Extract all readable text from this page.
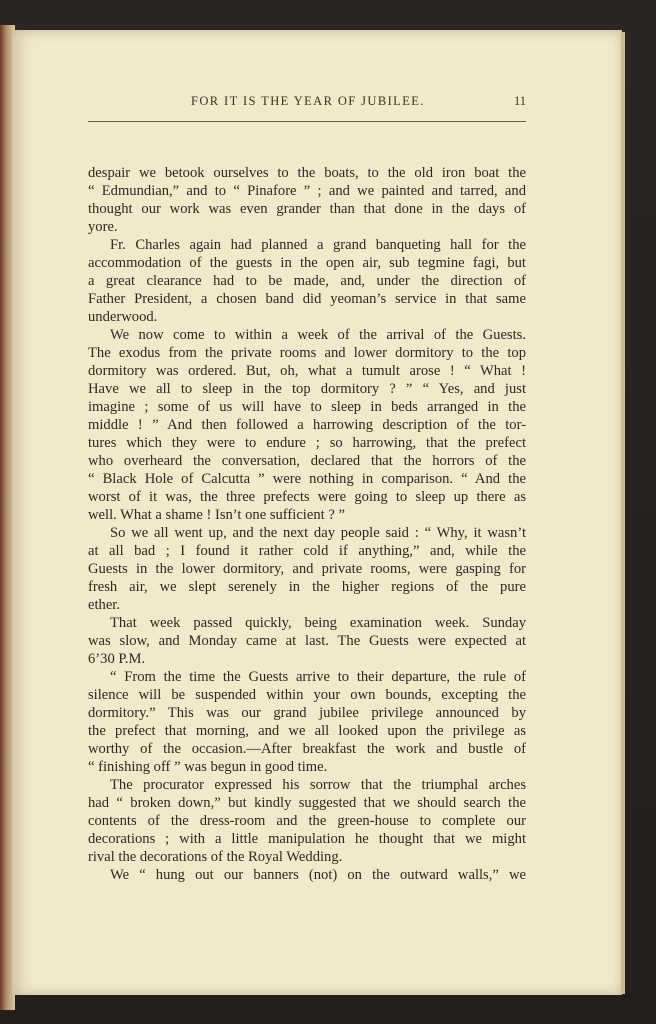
FOR IT IS THE YEAR OF JUBILEE.	11

despair we betook ourselves to the boats, to the old iron boat the

“ Edmundian,” and to “ Pinafore ” ; and we painted and tarred, and

thought our work was even grander than that done in the days of

yore.

Fr. Charles again had planned a grand banqueting hall for the

accommodation of the guests in the open air, sub tegmine fagi, but

a great clearance had to be made, and, under the direction of

Father President, a chosen band did yeoman’s service in that same

underwood.

We now come to within a week of the arrival of the Guests.

The exodus from the private rooms and lower dormitory to the top

dormitory was ordered. But, oh, what a tumult arose ! “ What !

Have we all to sleep in the top dormitory ? ” “ Yes, and just

imagine ; some of us will have to sleep in beds arranged in the

middle ! ” And then followed a harrowing description of the tor-

tures which they were to endure ; so harrowing, that the prefect

who overheard the conversation, declared that the horrors of the

“ Black Hole of Calcutta ” were nothing in comparison. “ And the

worst of it was, the three prefects were going to sleep up there as

well. What a shame ! Isn’t one sufficient ? ”

So we all went up, and the next day people said : “ Why, it wasn’t

at all bad ; I found it rather cold if anything,” and, while the

Guests in the lower dormitory, and private rooms, were gasping for

fresh air, we slept serenely in the higher regions of the pure

ether.

That week passed quickly, being examination week. Sunday

was slow, and Monday came at last. The Guests were expected at

6’30 P.M.

“ From the time the Guests arrive to their departure, the rule of

silence will be suspended within your own bounds, excepting the

dormitory.” This was our grand jubilee privilege announced by

the prefect that morning, and we all looked upon the privilege as

worthy of the occasion.—After breakfast the work and bustle of

“ finishing off ” was begun in good time.

The procurator expressed his sorrow that the triumphal arches

had “ broken down,” but kindly suggested that we should search the

contents of the dress-room and the green-house to complete our

decorations ; with a little manipulation he thought that we might

rival the decorations of the Royal Wedding.

We “ hung out our banners (not) on the outward walls,” we
